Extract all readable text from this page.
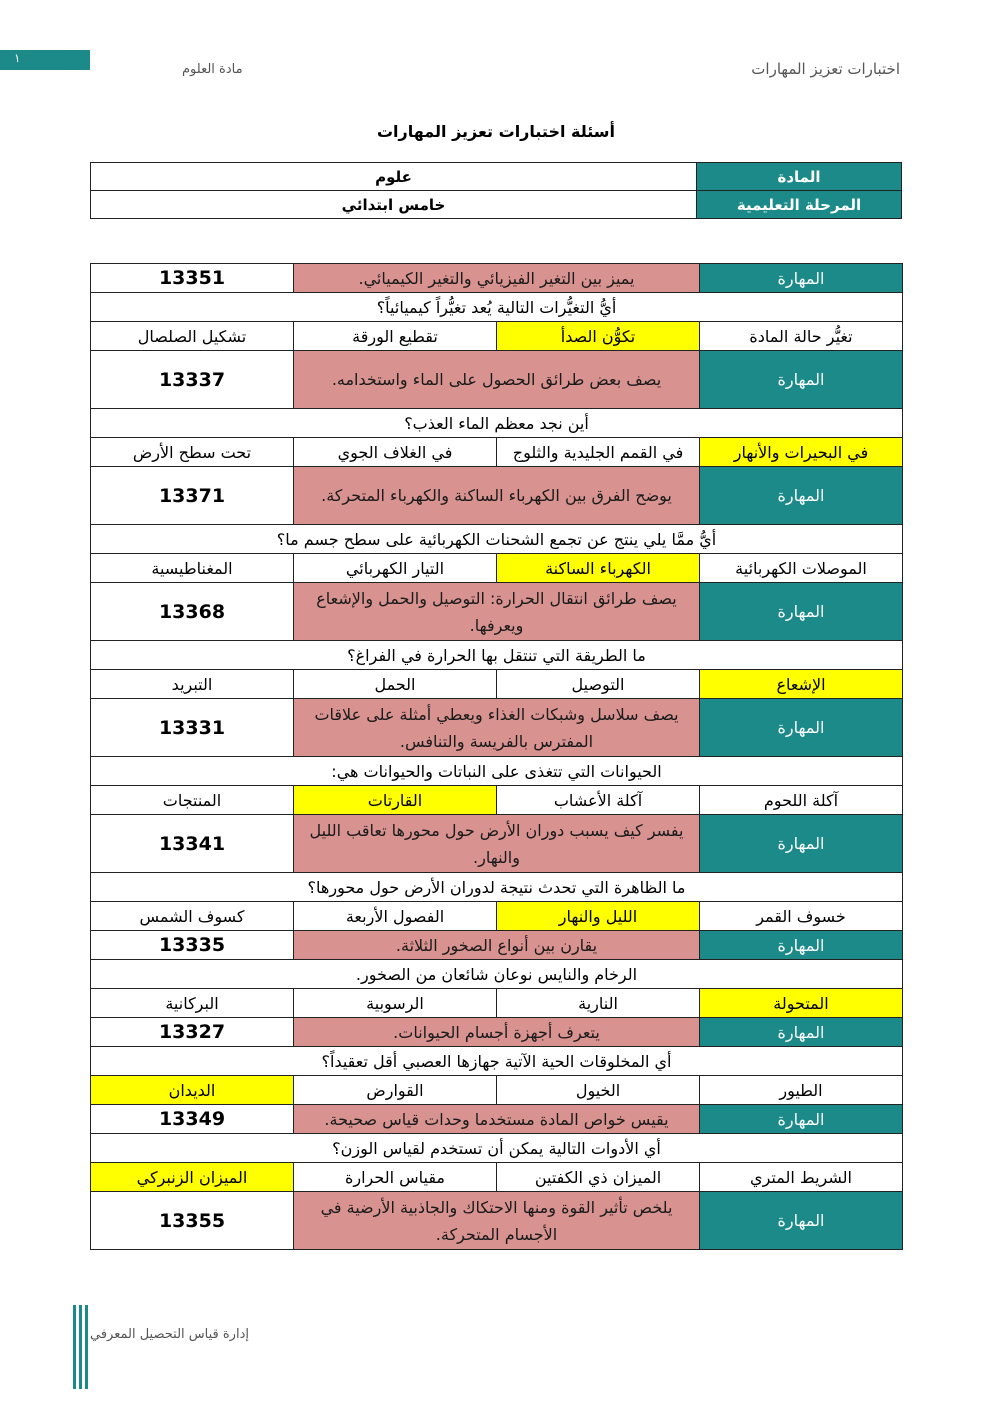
١
مادة العلوم	اختبارات تعزيز المهارات
أسئلة اختبارات تعزيز المهارات
المادة	علوم
المرحلة التعليمية	خامس ابتدائي
المهارة	يميز بين التغير الفيزيائي والتغير الكيميائي.		13351
أيُّ التغيُّرات التالية يُعد تغيُّراً كيميائياً؟			
تغيُّر حالة المادة	تكوُّن الصدأ	تقطيع الورقة	تشكيل الصلصال
المهارة	يصف بعض طرائق الحصول على الماء واستخدامه.		13337
أين نجد معظم الماء العذب؟			
في البحيرات والأنهار	في القمم الجليدية والثلوج	في الغلاف الجوي	تحت سطح الأرض
المهارة	يوضح الفرق بين الكهرباء الساكنة والكهرباء المتحركة.		13371
أيُّ ممَّا يلي ينتج عن تجمع الشحنات الكهربائية على سطح جسم ما؟			
الموصلات الكهربائية	الكهرباء الساكنة	التيار الكهربائي	المغناطيسية
المهارة	يصف طرائق انتقال الحرارة: التوصيل والحمل والإشعاع ويعرفها.		13368
ما الطريقة التي تنتقل بها الحرارة في الفراغ؟			
الإشعاع	التوصيل	الحمل	التبريد
المهارة	يصف سلاسل وشبكات الغذاء ويعطي أمثلة على علاقات المفترس بالفريسة والتنافس.		13331
الحيوانات التي تتغذى على النباتات والحيوانات هي:			
آكلة اللحوم	آكلة الأعشاب	القارتات	المنتجات
المهارة	يفسر كيف يسبب دوران الأرض حول محورها تعاقب الليل والنهار.		13341
ما الظاهرة التي تحدث نتيجة لدوران الأرض حول محورها؟			
خسوف القمر	الليل والنهار	الفصول الأربعة	كسوف الشمس
المهارة	يقارن بين أنواع الصخور الثلاثة.		13335
الرخام والنايس نوعان شائعان من الصخور.			
المتحولة	النارية	الرسوبية	البركانية
المهارة	يتعرف أجهزة أجسام الحيوانات.		13327
أي المخلوقات الحية الآتية جهازها العصبي أقل تعقيداً؟			
الطيور	الخيول	القوارض	الديدان
المهارة	يقيس خواص المادة مستخدما وحدات قياس صحيحة.		13349
أي الأدوات التالية يمكن أن تستخدم لقياس الوزن؟			
الشريط المتري	الميزان ذي الكفتين	مقياس الحرارة	الميزان الزنبركي
المهارة	يلخص تأثير القوة ومنها الاحتكاك والجاذبية الأرضية في الأجسام المتحركة.		13355
إدارة قياس التحصيل المعرفي
